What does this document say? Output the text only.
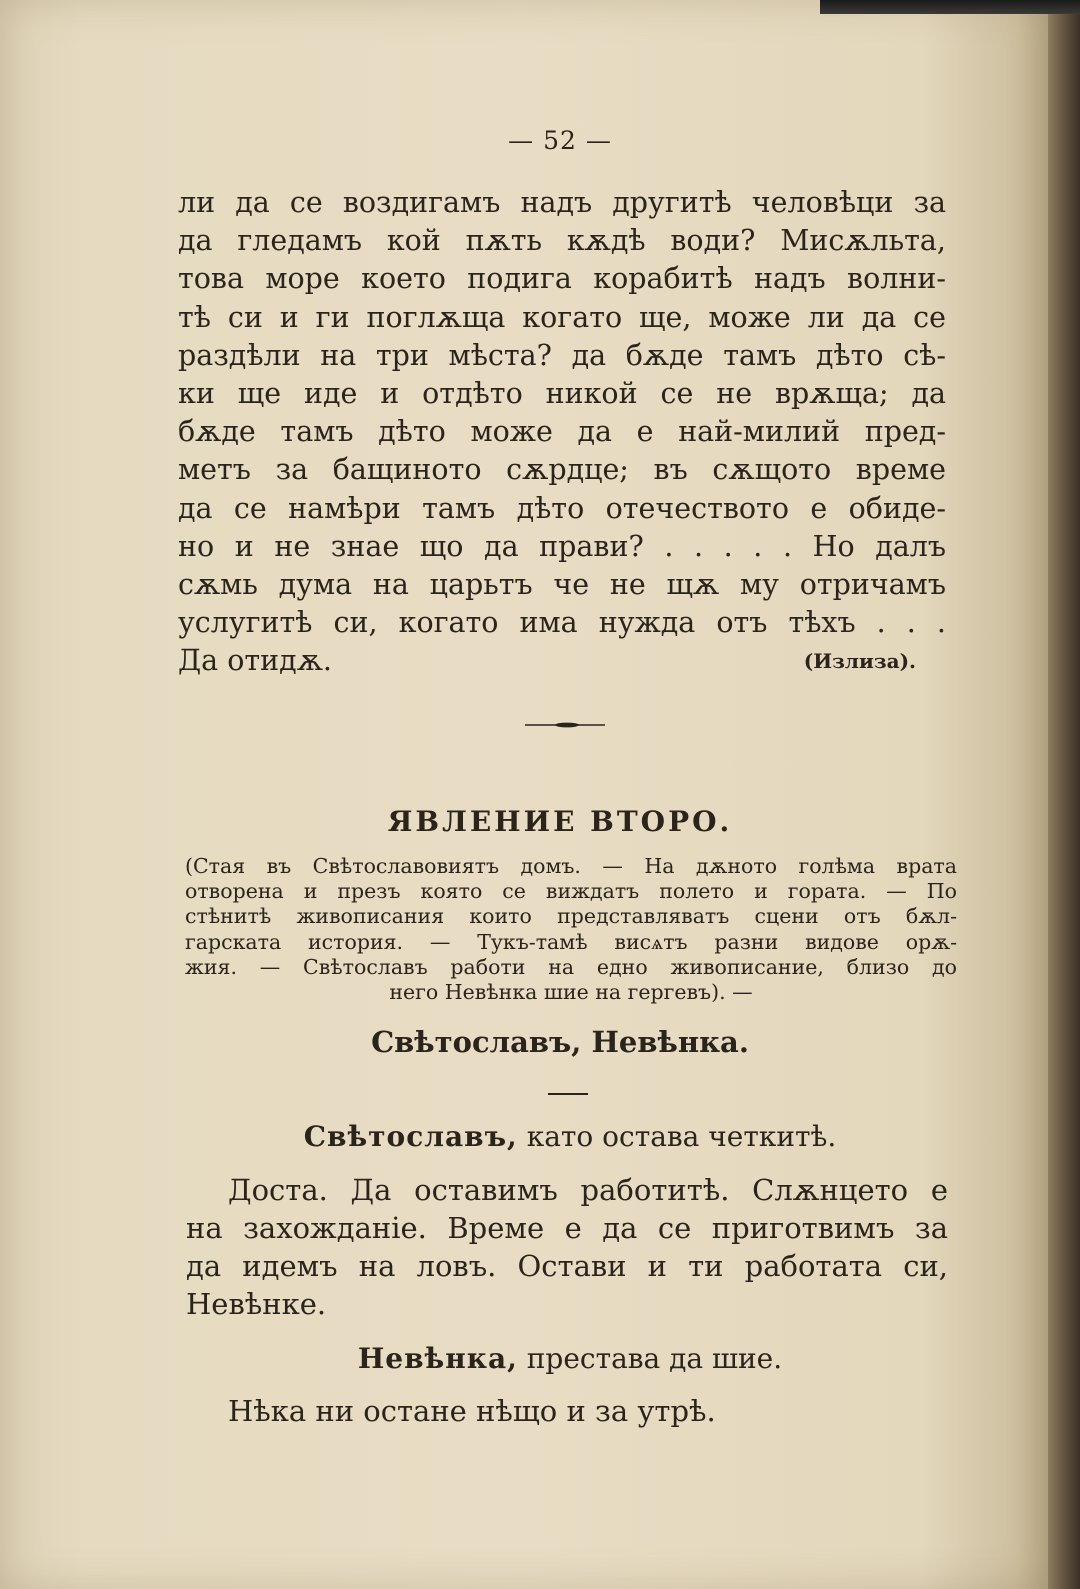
— 52 —
ли да се воздигамъ надъ другитѣ человѣци за
да гледамъ кой пѫть кѫдѣ води? Мисѫльта,
това море което подига корабитѣ надъ волни-
тѣ си и ги поглѫща когато ще, може ли да се
раздѣли на три мѣста? да бѫде тамъ дѣто сѣ-
ки ще иде и отдѣто никой се не врѫща; да
бѫде тамъ дѣто може да е най-милий пред-
метъ за бащиното сѫрдце; въ сѫщото време
да се намѣри тамъ дѣто отечеството е обиде-
но и не знае що да прави? . . . . . Но далъ
сѫмь дума на царьтъ че не щѫ му отричамъ
услугитѣ си, когато има нужда отъ тѣхъ . . .
Да отидѫ.	(Излиза).
ЯВЛЕНИЕ ВТОРО.
(Стая въ Свѣтославовиятъ домъ. — На дѫното голѣма врата
отворена и презъ която се виждатъ полето и гората. — По
стѣнитѣ живописания които представляватъ сцени отъ бѫл-
гарската история. — Тукъ-тамѣ висѧтъ разни видове орѫ-
жия. — Свѣтославъ работи на едно живописание, близо до
него Невѣнка шие на гергевъ). —
Свѣтославъ, Невѣнка.
Свѣтославъ, като остава четкитѣ.
Доста. Да оставимъ работитѣ. Слѫнцето е
на захожданіе. Време е да се приготвимъ за
да идемъ на ловъ. Остави и ти работата си,
Невѣнке.
Невѣнка, престава да шие.
Нѣка ни остане нѣщо и за утрѣ.
